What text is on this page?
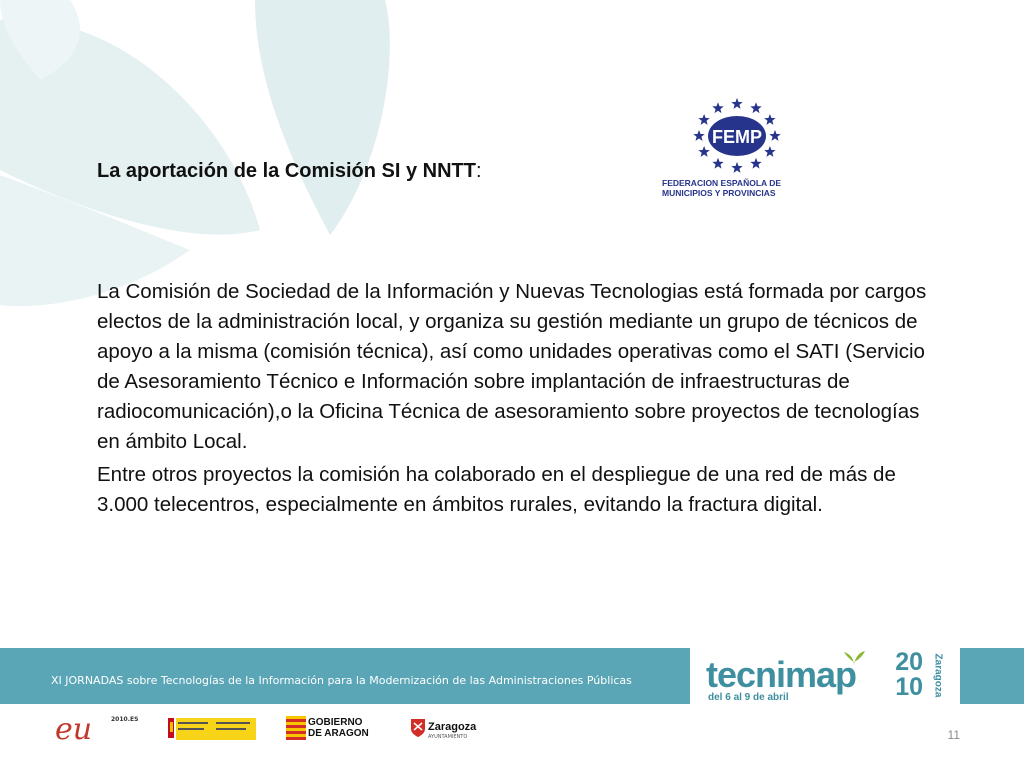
La aportación de la Comisión SI y NNTT:
FEMP
FEDERACION ESPAÑOLA DE
MUNICIPIOS Y PROVINCIAS

La Comisión de Sociedad de la Información y Nuevas Tecnologias está formada por cargos electos de la administración local, y organiza su gestión mediante un grupo de técnicos de apoyo a la misma (comisión técnica), así como unidades operativas como el SATI (Servicio de Asesoramiento Técnico e Información sobre implantación de infraestructuras de radiocomunicación),o la Oficina Técnica de asesoramiento sobre proyectos de tecnologías en ámbito Local.

Entre otros proyectos la comisión ha colaborado en el despliegue de una red de más de 3.000 telecentros, especialmente en ámbitos rurales, evitando la fractura digital.

XI JORNADAS sobre Tecnologías de la Información para la Modernización de las Administraciones Públicas tecnimap
del 6 al 9 de abril
20
10 Zaragoza
eu	2010.ES	GOBIERNO
DE ARAGON
Zaragoza
AYUNTAMIENTO	11
